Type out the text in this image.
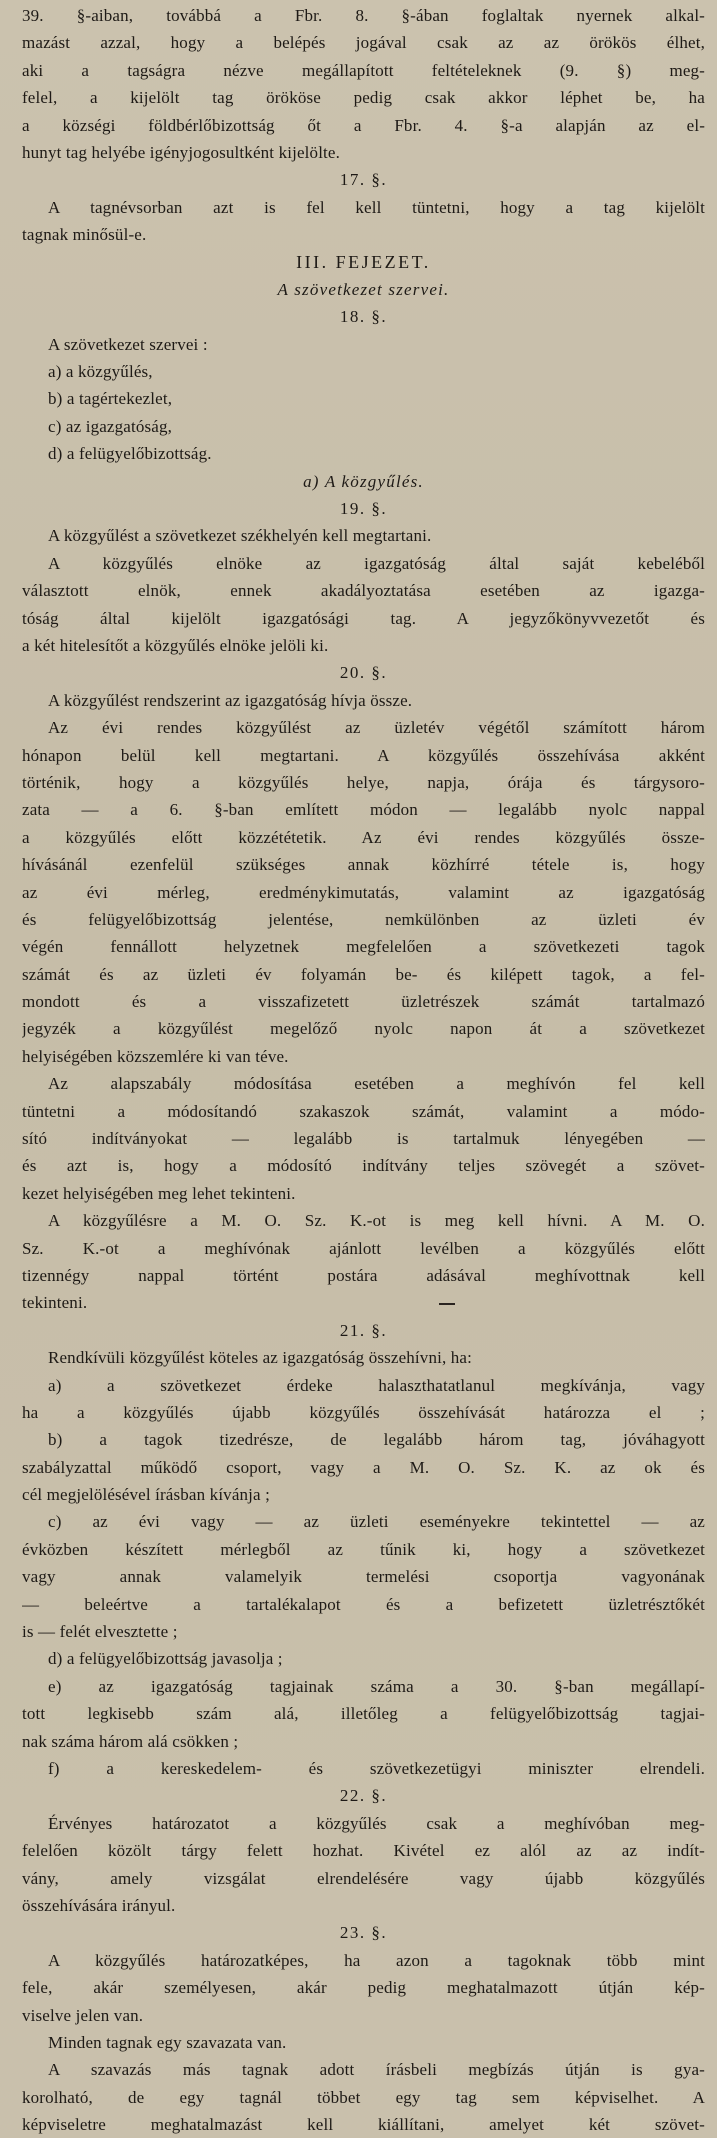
39. §-aiban, továbbá a Fbr. 8. §-ában foglaltak nyernek alkal-
mazást azzal, hogy a belépés jogával csak az az örökös élhet,
aki a tagságra nézve megállapított feltételeknek (9. §) meg-
felel, a kijelölt tag örököse pedig csak akkor léphet be, ha
a községi földbérlőbizottság őt a Fbr. 4. §-a alapján az el-
hunyt tag helyébe igényjogosultként kijelölte.
17. §.
A tagnévsorban azt is fel kell tüntetni, hogy a tag kijelölt
tagnak minősül-e.
III. FEJEZET.
A szövetkezet szervei.
18. §.
A szövetkezet szervei :
a) a közgyűlés,
b) a tagértekezlet,
c) az igazgatóság,
d) a felügyelőbizottság.
a) A közgyűlés.
19. §.
A közgyűlést a szövetkezet székhelyén kell megtartani.
A közgyűlés elnöke az igazgatóság által saját kebeléből
választott elnök, ennek akadályoztatása esetében az igazga-
tóság által kijelölt igazgatósági tag. A jegyzőkönyvvezetőt és
a két hitelesítőt a közgyűlés elnöke jelöli ki.
20. §.
A közgyűlést rendszerint az igazgatóság hívja össze.
Az évi rendes közgyűlést az üzletév végétől számított három
hónapon belül kell megtartani. A közgyűlés összehívása akként
történik, hogy a közgyűlés helye, napja, órája és tárgysoro-
zata — a 6. §-ban említett módon — legalább nyolc nappal
a közgyűlés előtt közzététetik. Az évi rendes közgyűlés össze-
hívásánál ezenfelül szükséges annak közhírré tétele is, hogy
az évi mérleg, eredménykimutatás, valamint az igazgatóság
és felügyelőbizottság jelentése, nemkülönben az üzleti év
végén fennállott helyzetnek megfelelően a szövetkezeti tagok
számát és az üzleti év folyamán be- és kilépett tagok, a fel-
mondott és a visszafizetett üzletrészek számát tartalmazó
jegyzék a közgyűlést megelőző nyolc napon át a szövetkezet
helyiségében közszemlére ki van téve.
Az alapszabály módosítása esetében a meghívón fel kell
tüntetni a módosítandó szakaszok számát, valamint a módo-
sító indítványokat — legalább is tartalmuk lényegében —
és azt is, hogy a módosító indítvány teljes szövegét a szövet-
kezet helyiségében meg lehet tekinteni.
A közgyűlésre a M. O. Sz. K.-ot is meg kell hívni. A M. O.
Sz. K.-ot a meghívónak ajánlott levélben a közgyűlés előtt
tizennégy nappal történt postára adásával meghívottnak kell
tekinteni.
21. §.
Rendkívüli közgyűlést köteles az igazgatóság összehívni, ha:
a) a szövetkezet érdeke halaszthatatlanul megkívánja, vagy
ha a közgyűlés újabb közgyűlés összehívását határozza el ;
b) a tagok tizedrésze, de legalább három tag, jóváhagyott
szabályzattal működő csoport, vagy a M. O. Sz. K. az ok és
cél megjelölésével írásban kívánja ;
c) az évi vagy — az üzleti eseményekre tekintettel — az
évközben készített mérlegből az tűnik ki, hogy a szövetkezet
vagy annak valamelyik termelési csoportja vagyonának
— beleértve a tartalékalapot és a befizetett üzletrésztőkét
is — felét elvesztette ;
d) a felügyelőbizottság javasolja ;
e) az igazgatóság tagjainak száma a 30. §-ban megállapí-
tott legkisebb szám alá, illetőleg a felügyelőbizottság tagjai-
nak száma három alá csökken ;
f) a kereskedelem- és szövetkezetügyi miniszter elrendeli.
22. §.
Érvényes határozatot a közgyűlés csak a meghívóban meg-
felelően közölt tárgy felett hozhat. Kivétel ez alól az az indít-
vány, amely vizsgálat elrendelésére vagy újabb közgyűlés
összehívására irányul.
23. §.
A közgyűlés határozatképes, ha azon a tagoknak több mint
fele, akár személyesen, akár pedig meghatalmazott útján kép-
viselve jelen van.
Minden tagnak egy szavazata van.
A szavazás más tagnak adott írásbeli megbízás útján is gya-
korolható, de egy tagnál többet egy tag sem képviselhet. A
képviseletre meghatalmazást kell kiállítani, amelyet két szövet-
